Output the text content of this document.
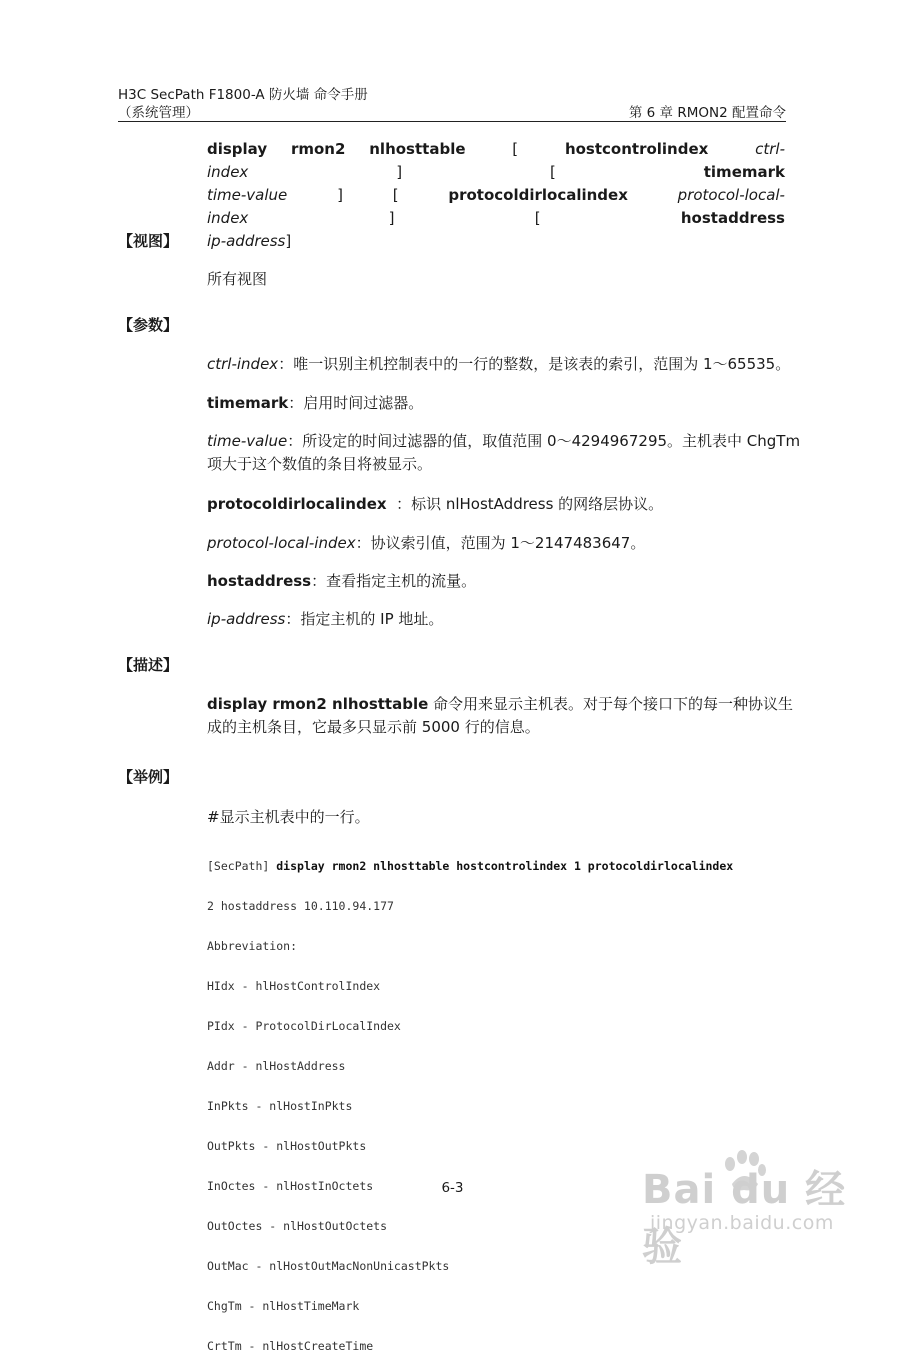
H3C SecPath F1800-A 防火墙 命令手册
（系统管理）	第 6 章 RMON2 配置命令
display rmon2 nlhosttable	[	hostcontrolindex	ctrl-index	]	[	timemark
time-value	]	[	protocoldirlocalindex	protocol-local-index	]	[	hostaddress
ip-address]
【视图】
所有视图
【参数】
ctrl-index：唯一识别主机控制表中的一行的整数，是该表的索引，范围为 1～65535。
timemark：启用时间过滤器。
time-value：所设定的时间过滤器的值，取值范围 0～4294967295。主机表中 ChgTm
项大于这个数值的条目将被显示。
protocoldirlocalindex  ：标识 nlHostAddress 的网络层协议。
protocol-local-index：协议索引值，范围为 1～2147483647。
hostaddress：查看指定主机的流量。
ip-address：指定主机的 IP 地址。
【描述】
display rmon2 nlhosttable 命令用来显示主机表。对于每个接口下的每一种协议生
成的主机条目，它最多只显示前 5000 行的信息。
【举例】
#显示主机表中的一行。

[SecPath] display rmon2 nlhosttable hostcontrolindex 1 protocoldirlocalindex

2 hostaddress 10.110.94.177

Abbreviation:

HIdx - hlHostControlIndex

PIdx - ProtocolDirLocalIndex

Addr - nlHostAddress

InPkts - nlHostInPkts

OutPkts - nlHostOutPkts

InOctes - nlHostInOctets

OutOctes - nlHostOutOctets

OutMac - nlHostOutMacNonUnicastPkts

ChgTm - nlHostTimeMark

CrtTm - nlHostCreateTime

6-3	Bai du 经验
jingyan.baidu.com
